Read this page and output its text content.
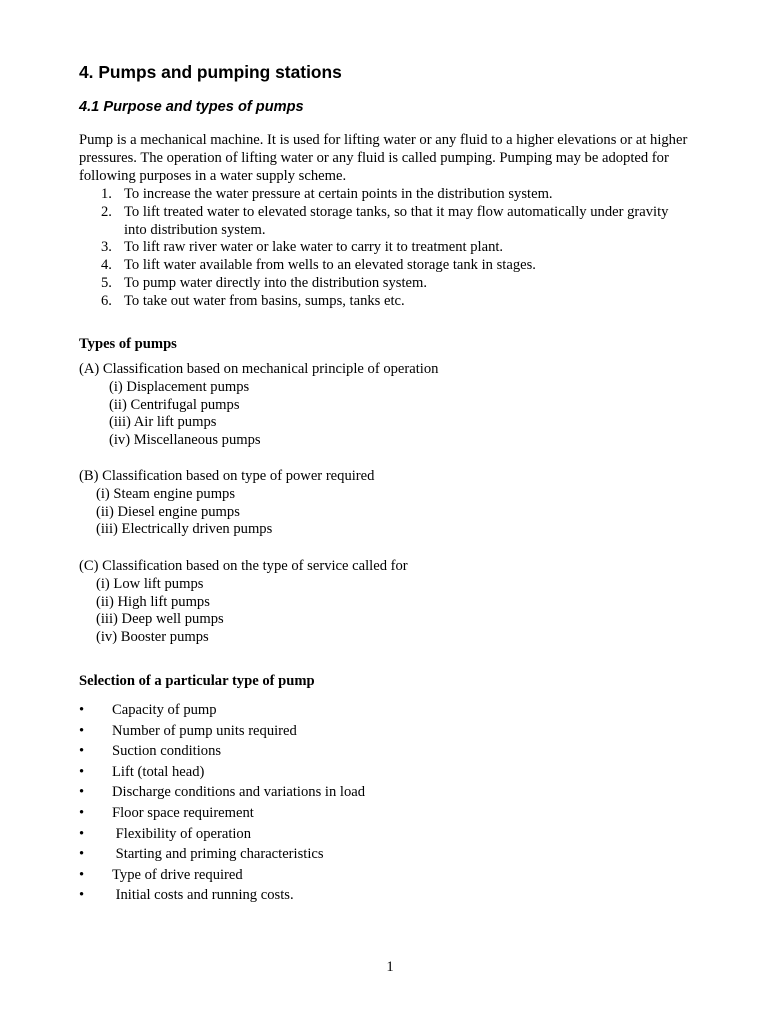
4. Pumps and pumping stations
4.1 Purpose and types of pumps

Pump is a mechanical machine. It is used for lifting water or any fluid to a higher elevations or at higher pressures. The operation of lifting water or any fluid is called pumping. Pumping may be adopted for following purposes in a water supply scheme.

1. To increase the water pressure at certain points in the distribution system.
2. To lift treated water to elevated storage tanks, so that it may flow automatically under gravity into distribution system.
3. To lift raw river water or lake water to carry it to treatment plant.
4. To lift water available from wells to an elevated storage tank in stages.
5. To pump water directly into the distribution system.
6. To take out water from basins, sumps, tanks etc.

Types of pumps

(A) Classification based on mechanical principle of operation
(i) Displacement pumps
(ii) Centrifugal pumps
(iii) Air lift pumps
(iv) Miscellaneous pumps
(B) Classification based on type of power required
(i) Steam engine pumps
(ii) Diesel engine pumps
(iii) Electrically driven pumps
(C) Classification based on the type of service called for
(i) Low lift pumps
(ii) High lift pumps
(iii) Deep well pumps
(iv) Booster pumps

Selection of a particular type of pump

• Capacity of pump
• Number of pump units required
• Suction conditions
• Lift (total head)
• Discharge conditions and variations in load
• Floor space requirement
• Flexibility of operation
• Starting and priming characteristics
• Type of drive required
• Initial costs and running costs.

1
